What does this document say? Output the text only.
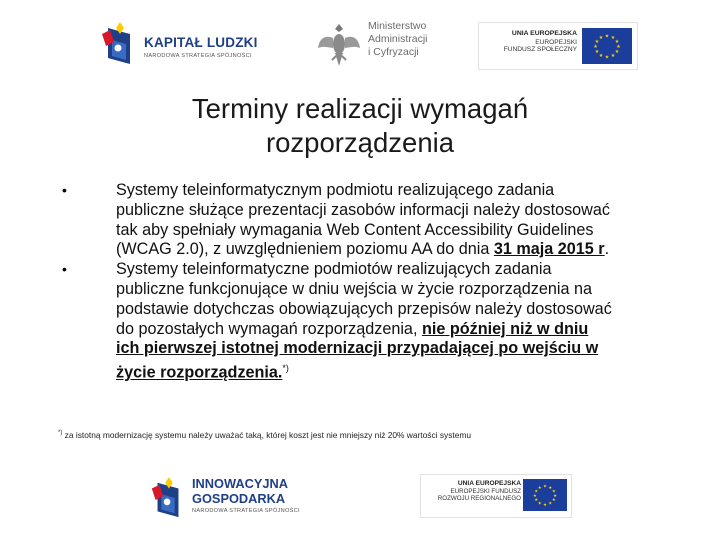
KAPITAŁ LUDZKI
NARODOWA STRATEGIA SPÓJNOŚCI
Ministerstwo
Administracji
i Cyfryzacji
UNIA EUROPEJSKA
EUROPEJSKI
FUNDUSZ SPOŁECZNY
★ ★
★
★
★
★
★
★
★
★
★
★
Terminy realizacji wymagań
rozporządzenia
•	Systemy teleinformatycznym podmiotu realizującego zadania publiczne służące prezentacji zasobów informacji należy dostosować tak aby spełniały wymagania Web Content Accessibility Guidelines (WCAG 2.0), z uwzględnieniem poziomu AA do dnia 31 maja 2015 r.
•	Systemy teleinformatyczne podmiotów realizujących zadania publiczne funkcjonujące w dniu wejścia w życie rozporządzenia na podstawie dotychczas obowiązujących przepisów należy dostosować do pozostałych wymagań rozporządzenia, nie później niż w dniu ich pierwszej istotnej modernizacji przypadającej po wejściu w życie rozporządzenia.*)
*) za istotną modernizację systemu należy uważać taką, której koszt jest nie mniejszy niż 20% wartości systemu
INNOWACYJNA
GOSPODARKA
NARODOWA STRATEGIA SPÓJNOŚCI
UNIA EUROPEJSKA
EUROPEJSKI FUNDUSZ
ROZWOJU REGIONALNEGO
★ ★
★
★
★
★
★
★
★
★
★
★
